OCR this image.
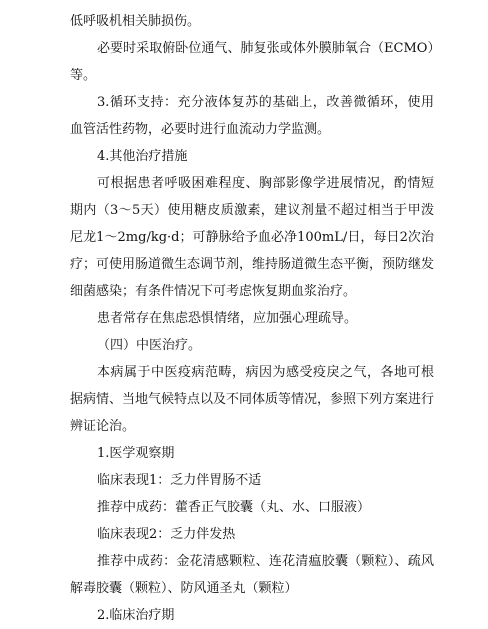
低呼吸机相关肺损伤。

必要时采取俯卧位通气、肺复张或体外膜肺氧合（ECMO）等。

3.循环支持：充分液体复苏的基础上，改善微循环，使用血管活性药物，必要时进行血流动力学监测。

4.其他治疗措施

可根据患者呼吸困难程度、胸部影像学进展情况，酌情短期内（3～5天）使用糖皮质激素，建议剂量不超过相当于甲泼尼龙1～2mg/kg·d；可静脉给予血必净100mL/日，每日2次治疗；可使用肠道微生态调节剂，维持肠道微生态平衡，预防继发细菌感染；有条件情况下可考虑恢复期血浆治疗。

患者常存在焦虑恐惧情绪，应加强心理疏导。

（四）中医治疗。

本病属于中医疫病范畴，病因为感受疫戾之气，各地可根据病情、当地气候特点以及不同体质等情况，参照下列方案进行辨证论治。

1.医学观察期

临床表现1：乏力伴胃肠不适

推荐中成药：藿香正气胶囊（丸、水、口服液）

临床表现2：乏力伴发热

推荐中成药：金花清感颗粒、连花清瘟胶囊（颗粒）、疏风解毒胶囊（颗粒）、防风通圣丸（颗粒）

2.临床治疗期
